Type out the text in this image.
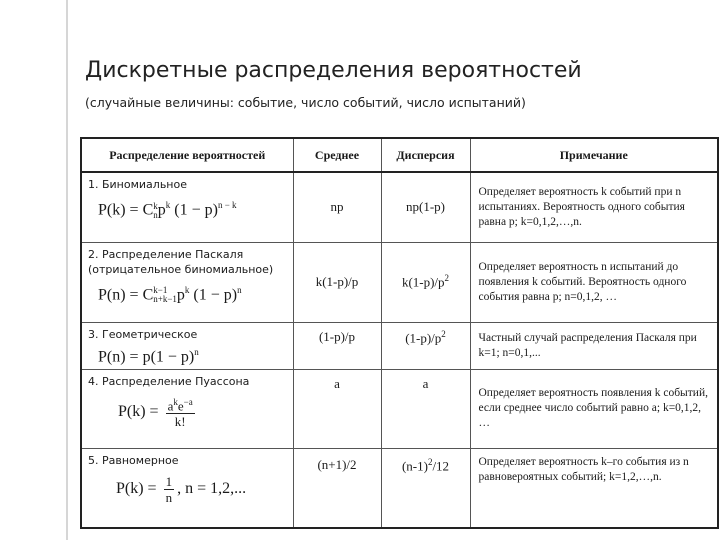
Дискретные распределения вероятностей

(случайные величины: событие, число событий, число испытаний)

Распределение вероятностей	Среднее	Дисперсия	Примечание
1. Биномиальное
P(k) = C k
n $p^k$ $(1 - p)^{n - k}$	np	np(1-p)	Определяет вероятность k событий при n испытаниях. Вероятность одного события равна p; k=0,1,2,…,n.
2. Распределение Паскаля (отрицательное биномиальное)
P(n) = C k−1
n+k−1 $p^k$ $(1 - p)^n$	k(1-p)/p	$k(1-p)/p^2$	Определяет вероятность n испытаний до появления k событий. Вероятность одного события равна p; n=0,1,2, …
3. Геометрическое
$P(n) = p(1 - p)^n$	(1-p)/p	$(1-p)/p^2$	Частный случай распределения Паскаля при k=1; n=0,1,...
4. Распределение Пуассона
$P(k) = \frac{a^ke^{-a}}{k!}$	a	a	Определяет вероятность появления k событий, если среднее число событий равно a; k=0,1,2, …
5. Равномерное
$P(k) = \frac{1}{n}$ , n = 1,2,...	(n+1)/2	$(n-1)^2/12$	Определяет вероятность k–го события из n равновероятных событий; k=1,2,…,n.
